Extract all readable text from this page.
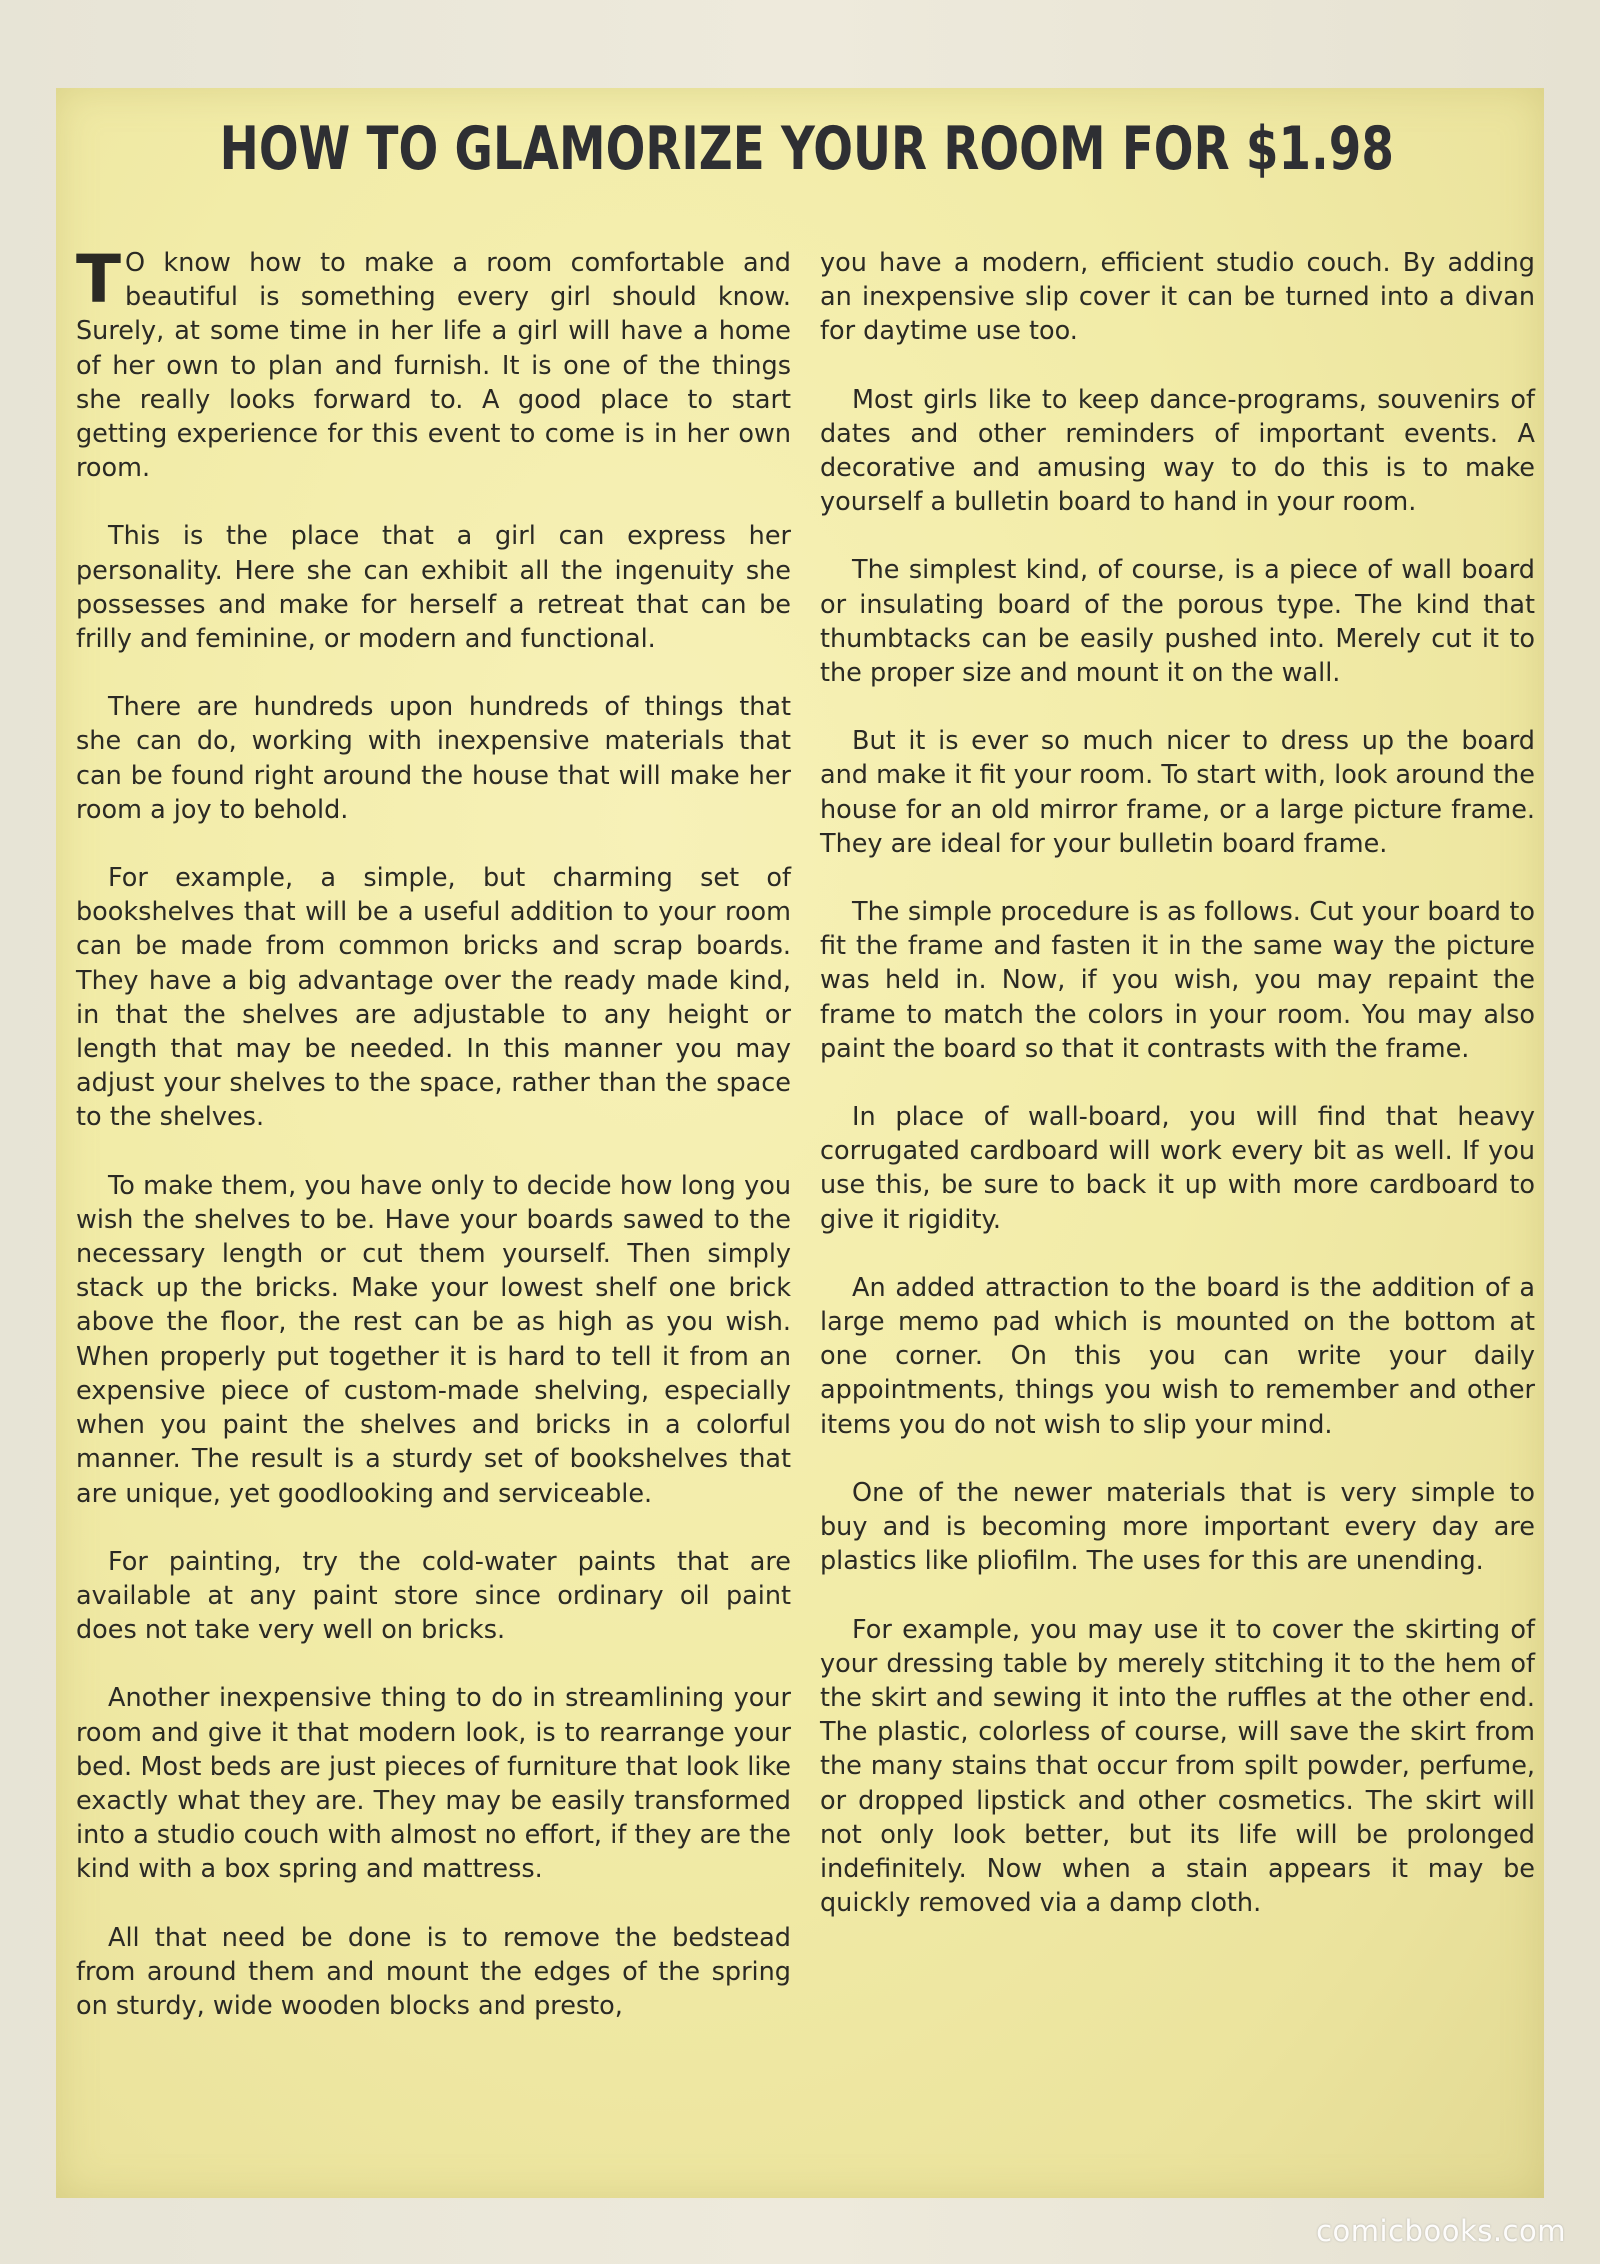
HOW TO GLAMORIZE YOUR ROOM FOR $1.98

T O know how to make a room comfortable and beautiful is something every girl should know. Surely, at some time in her life a girl will have a home of her own to plan and furnish. It is one of the things she really looks forward to. A good place to start getting experience for this event to come is in her own room.

This is the place that a girl can express her personality. Here she can exhibit all the ingenuity she possesses and make for herself a retreat that can be frilly and feminine, or modern and functional.

There are hundreds upon hundreds of things that she can do, working with inexpensive materials that can be found right around the house that will make her room a joy to behold.

For example, a simple, but charming set of bookshelves that will be a useful addition to your room can be made from common bricks and scrap boards. They have a big advantage over the ready made kind, in that the shelves are adjustable to any height or length that may be needed. In this manner you may adjust your shelves to the space, rather than the space to the shelves.

To make them, you have only to decide how long you wish the shelves to be. Have your boards sawed to the necessary length or cut them yourself. Then simply stack up the bricks. Make your lowest shelf one brick above the floor, the rest can be as high as you wish. When properly put together it is hard to tell it from an expensive piece of custom-made shelving, especially when you paint the shelves and bricks in a colorful manner. The result is a sturdy set of bookshelves that are unique, yet goodlooking and serviceable.

For painting, try the cold-water paints that are available at any paint store since ordinary oil paint does not take very well on bricks.

Another inexpensive thing to do in streamlining your room and give it that modern look, is to rearrange your bed. Most beds are just pieces of furniture that look like exactly what they are. They may be easily transformed into a studio couch with almost no effort, if they are the kind with a box spring and mattress.

All that need be done is to remove the bedstead from around them and mount the edges of the spring on sturdy, wide wooden blocks and presto,

you have a modern, efficient studio couch. By adding an inexpensive slip cover it can be turned into a divan for daytime use too.

Most girls like to keep dance-programs, souvenirs of dates and other reminders of important events. A decorative and amusing way to do this is to make yourself a bulletin board to hand in your room.

The simplest kind, of course, is a piece of wall board or insulating board of the porous type. The kind that thumbtacks can be easily pushed into. Merely cut it to the proper size and mount it on the wall.

But it is ever so much nicer to dress up the board and make it fit your room. To start with, look around the house for an old mirror frame, or a large picture frame. They are ideal for your bulletin board frame.

The simple procedure is as follows. Cut your board to fit the frame and fasten it in the same way the picture was held in. Now, if you wish, you may repaint the frame to match the colors in your room. You may also paint the board so that it contrasts with the frame.

In place of wall-board, you will find that heavy corrugated cardboard will work every bit as well. If you use this, be sure to back it up with more cardboard to give it rigidity.

An added attraction to the board is the addition of a large memo pad which is mounted on the bottom at one corner. On this you can write your daily appointments, things you wish to remember and other items you do not wish to slip your mind.

One of the newer materials that is very simple to buy and is becoming more important every day are plastics like pliofilm. The uses for this are unending.

For example, you may use it to cover the skirting of your dressing table by merely stitching it to the hem of the skirt and sewing it into the ruffles at the other end. The plastic, colorless of course, will save the skirt from the many stains that occur from spilt powder, perfume, or dropped lipstick and other cosmetics. The skirt will not only look better, but its life will be prolonged indefinitely. Now when a stain appears it may be quickly removed via a damp cloth.

comicbooks.com
